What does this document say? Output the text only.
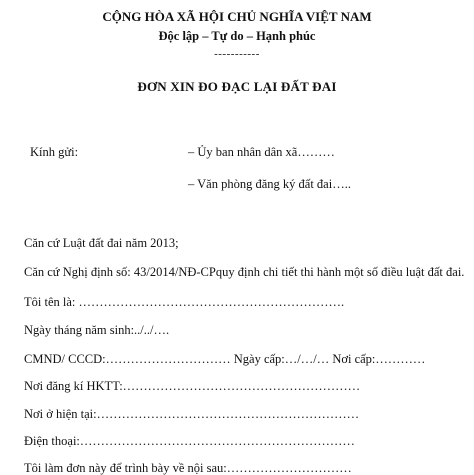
CỘNG HÒA XÃ HỘI CHỦ NGHĨA VIỆT NAM
Độc lập – Tự do – Hạnh phúc
-----------
ĐƠN XIN ĐO ĐẠC LẠI ĐẤT ĐAI
Kính gửi:	– Ủy ban nhân dân xã………
– Văn phòng đăng ký đất đai…..
Căn cứ Luật đất đai năm 2013;
Căn cứ Nghị định số: 43/2014/NĐ-CPquy định chi tiết thi hành một số điều luật đất đai.
Tôi tên là: ……………………………………………………….
Ngày tháng năm sinh:../../….
CMND/ CCCD:………………………… Ngày cấp:…/…/… Nơi cấp:…………
Nơi đăng kí HKTT:…………………………………………………
Nơi ở hiện tại:………………………………………………………
Điện thoại:…………………………………………………………
Tôi làm đơn này để trình bày về nội sau:…………………………
